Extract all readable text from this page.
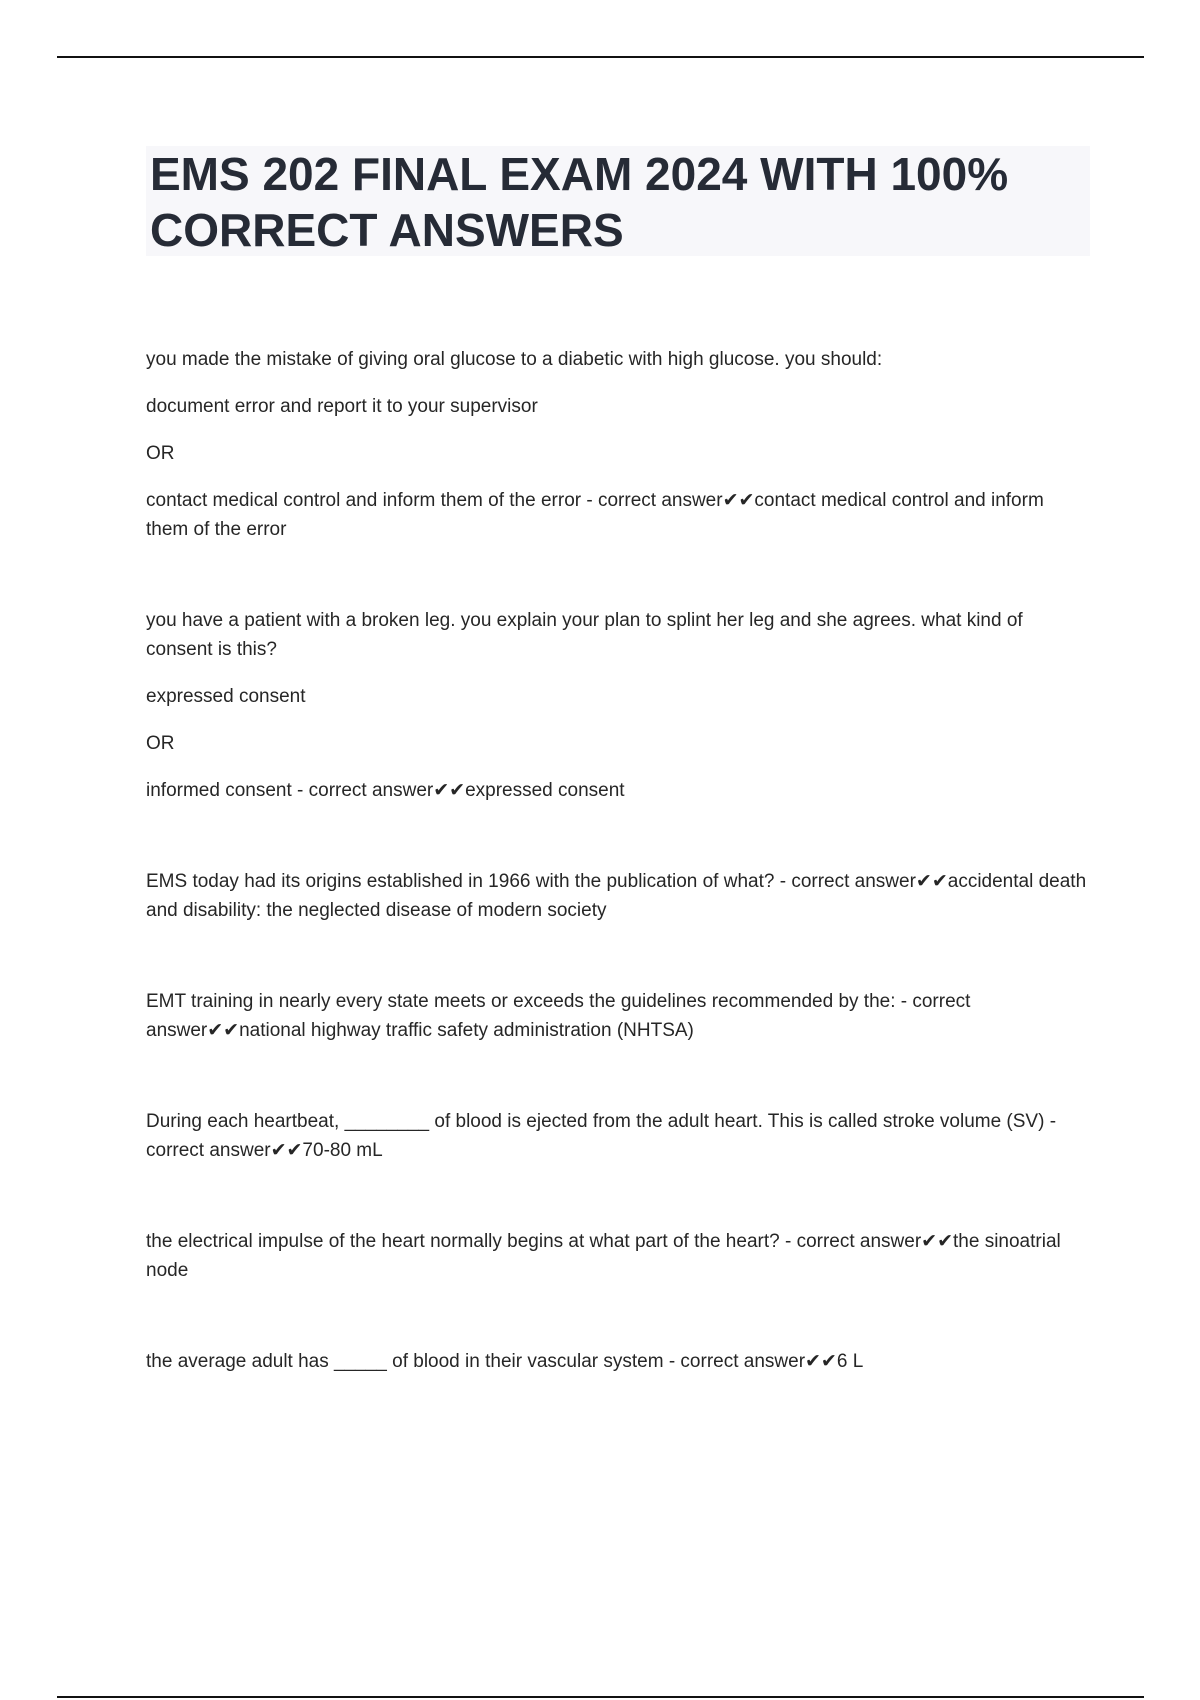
EMS 202 FINAL EXAM 2024 WITH 100% CORRECT ANSWERS

you made the mistake of giving oral glucose to a diabetic with high glucose. you should:

document error and report it to your supervisor

OR

contact medical control and inform them of the error - correct answer✔✔contact medical control and inform them of the error

you have a patient with a broken leg. you explain your plan to splint her leg and she agrees. what kind of consent is this?

expressed consent

OR

informed consent - correct answer✔✔expressed consent

EMS today had its origins established in 1966 with the publication of what? - correct answer✔✔accidental death and disability: the neglected disease of modern society

EMT training in nearly every state meets or exceeds the guidelines recommended by the: - correct answer✔✔national highway traffic safety administration (NHTSA)

During each heartbeat, ________ of blood is ejected from the adult heart. This is called stroke volume (SV) - correct answer✔✔70-80 mL

the electrical impulse of the heart normally begins at what part of the heart? - correct answer✔✔the sinoatrial node

the average adult has _____ of blood in their vascular system - correct answer✔✔6 L
